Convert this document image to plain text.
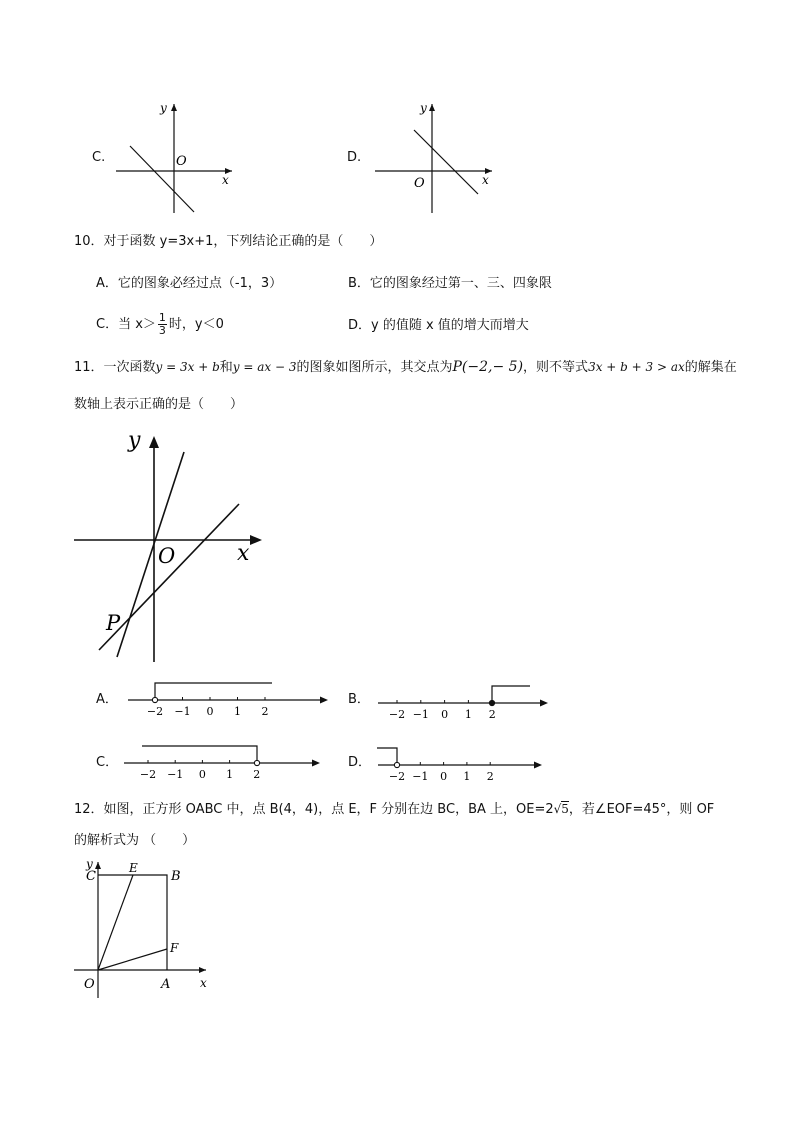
C.
y
x
O	D.
y
x
O
10．对于函数 y=3x+1，下列结论正确的是（　　）
A．它的图象必经过点（-1，3）	B．它的图象经过第一、三、四象限
C．当 $x> \frac{1}{3}$ 时，y＜0	D．y 的值随 x 值的增大而增大
11．一次函数y = 3x + b和y = ax − 3的图象如图所示，其交点为P(−2,− 5)，则不等式3x + b + 3 > ax的解集在
数轴上表示正确的是（　　）
y
x
O
P
A．	B．
C．	D．
−2 −1 0 1 2	−2 −1 0 1 2
−2 −1 0 1 2	−2 −1 0 1 2
12．如图，正方形 OABC 中，点 B(4，4)，点 E，F 分别在边 BC，BA 上，OE=2√5，若∠EOF=45°，则 OF
的解析式为 （　　）
y
x
O	A
B
C
E
F
